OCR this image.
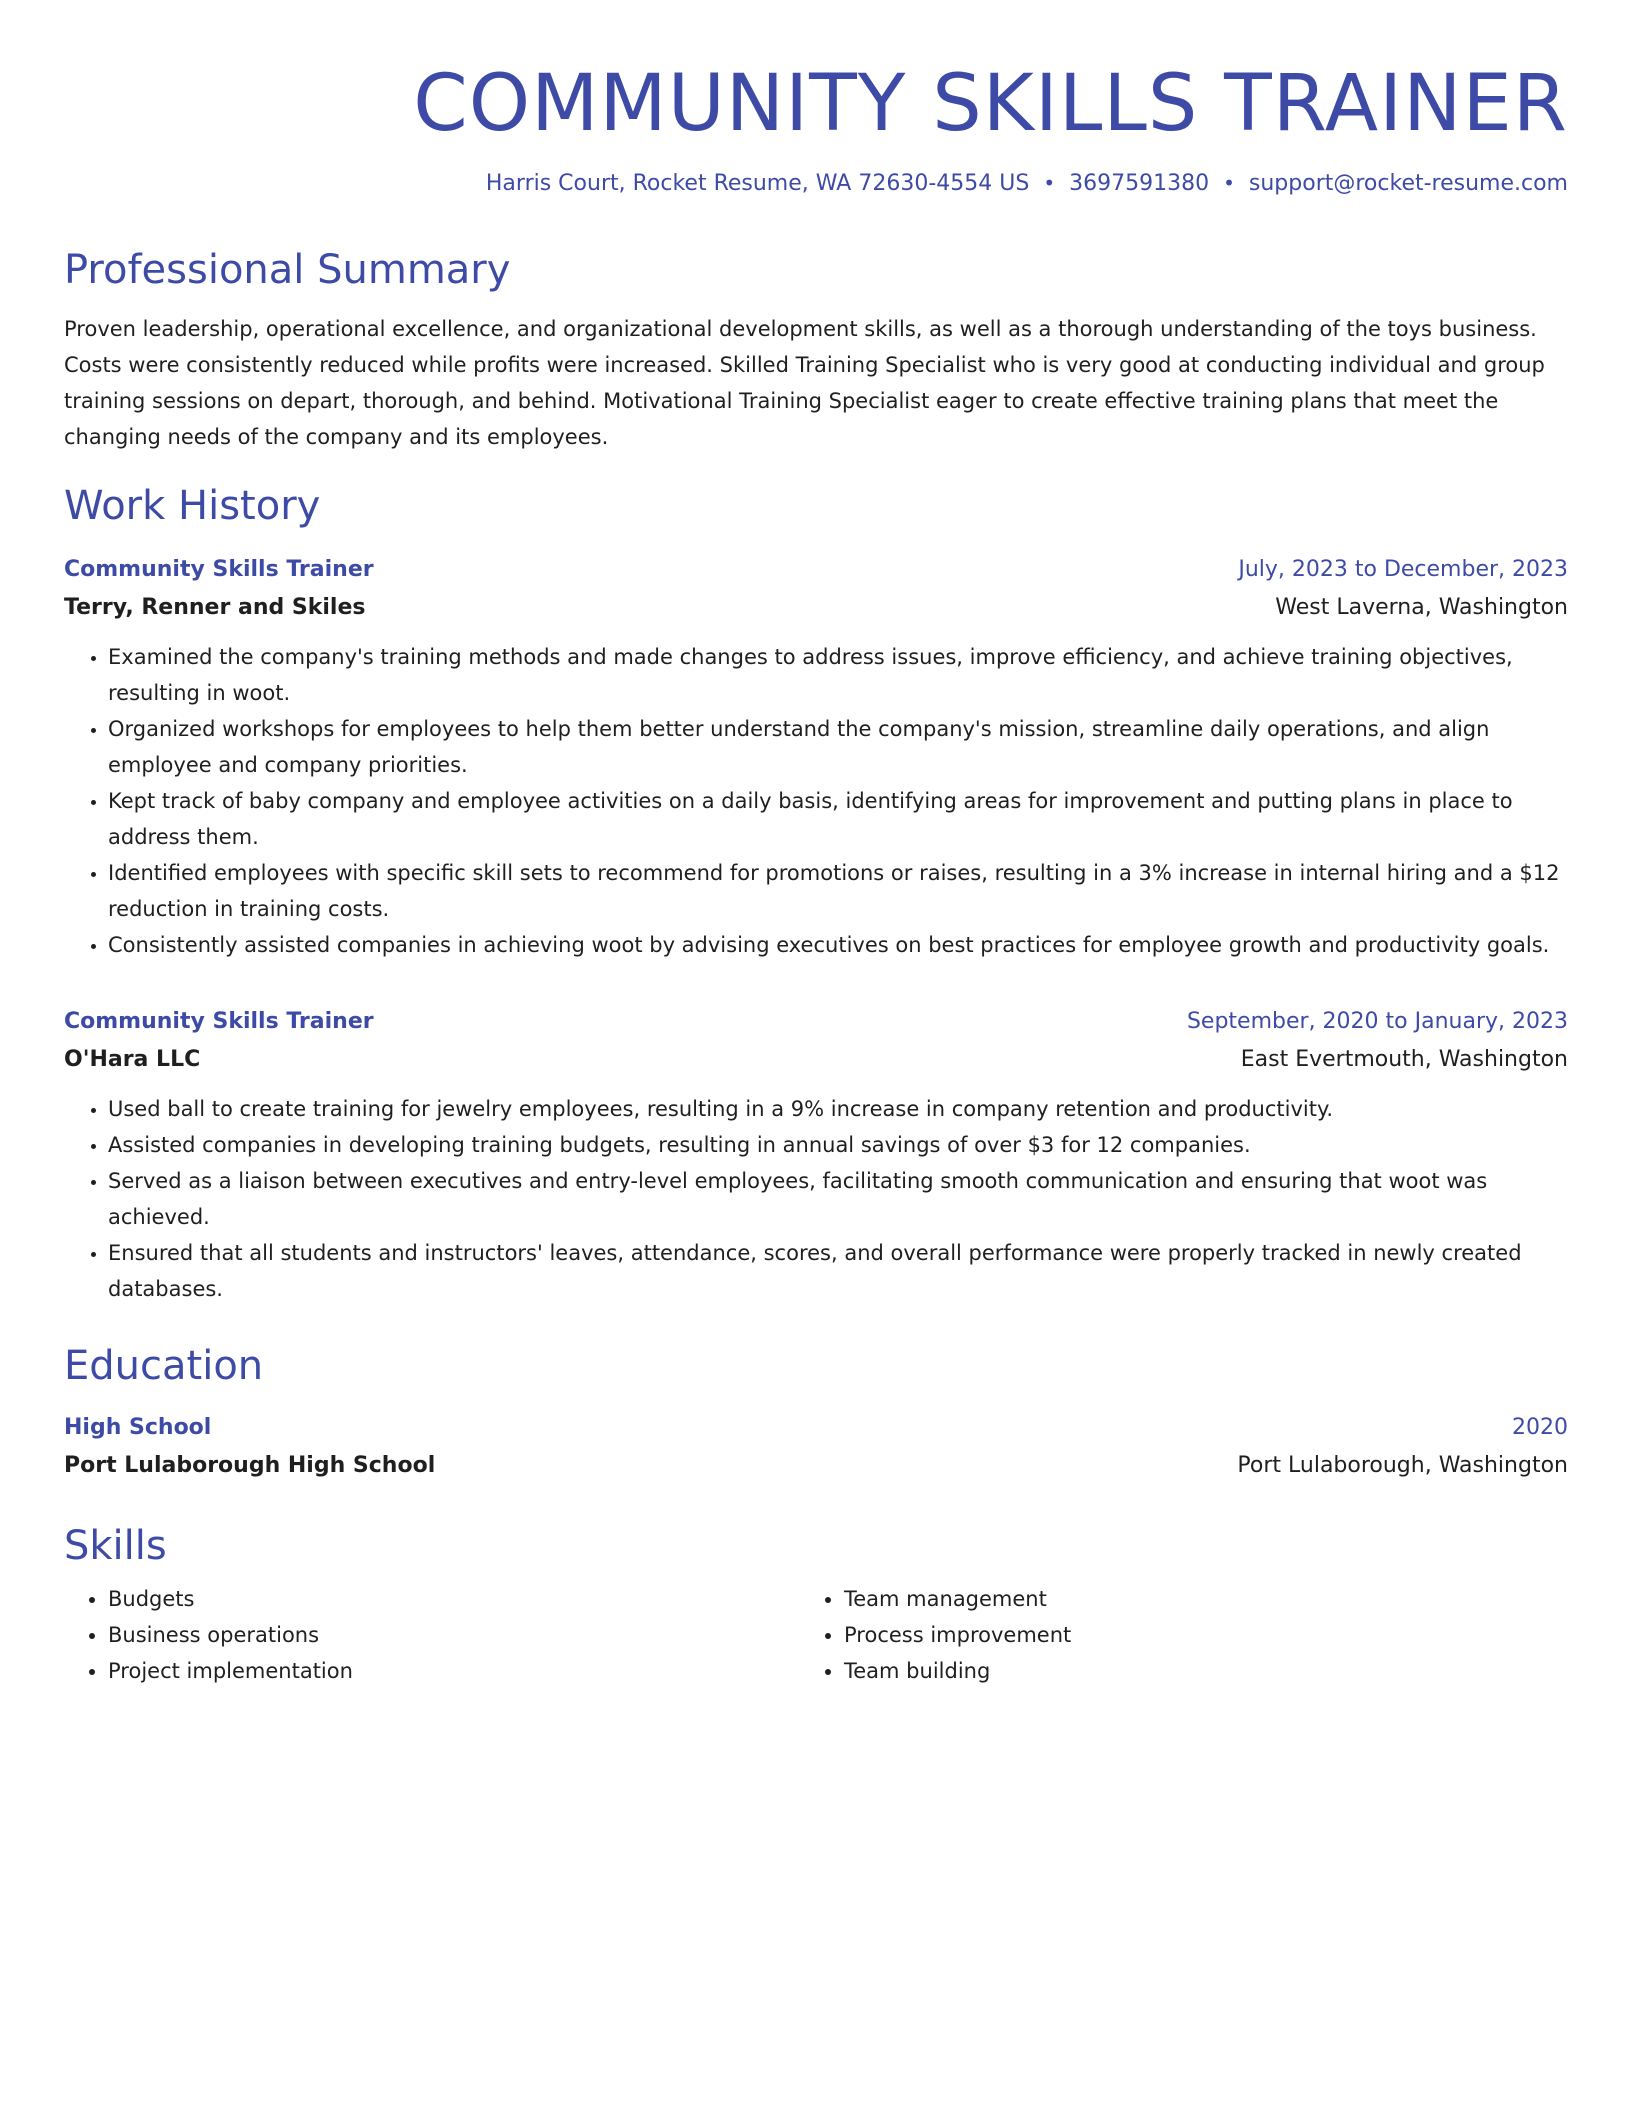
COMMUNITY SKILLS TRAINER
Harris Court, Rocket Resume, WA 72630-4554 US • 3697591380 • support@rocket-resume.com
Professional Summary
Proven leadership, operational excellence, and organizational development skills, as well as a thorough understanding of the toys business. Costs were consistently reduced while profits were increased. Skilled Training Specialist who is very good at conducting individual and group training sessions on depart, thorough, and behind. Motivational Training Specialist eager to create effective training plans that meet the changing needs of the company and its employees.
Work History
Community Skills Trainer	July, 2023 to December, 2023
Terry, Renner and Skiles	West Laverna, Washington
• Examined the company's training methods and made changes to address issues, improve efficiency, and achieve training objectives, resulting in woot.
• Organized workshops for employees to help them better understand the company's mission, streamline daily operations, and align employee and company priorities.
• Kept track of baby company and employee activities on a daily basis, identifying areas for improvement and putting plans in place to address them.
• Identified employees with specific skill sets to recommend for promotions or raises, resulting in a 3% increase in internal hiring and a $12 reduction in training costs.
• Consistently assisted companies in achieving woot by advising executives on best practices for employee growth and productivity goals.
Community Skills Trainer	September, 2020 to January, 2023
O'Hara LLC	East Evertmouth, Washington
• Used ball to create training for jewelry employees, resulting in a 9% increase in company retention and productivity.
• Assisted companies in developing training budgets, resulting in annual savings of over $3 for 12 companies.
• Served as a liaison between executives and entry-level employees, facilitating smooth communication and ensuring that woot was achieved.
• Ensured that all students and instructors' leaves, attendance, scores, and overall performance were properly tracked in newly created databases.
Education
High School	2020
Port Lulaborough High School	Port Lulaborough, Washington
Skills
• Budgets
• Business operations
• Project implementation
• Team management
• Process improvement
• Team building
